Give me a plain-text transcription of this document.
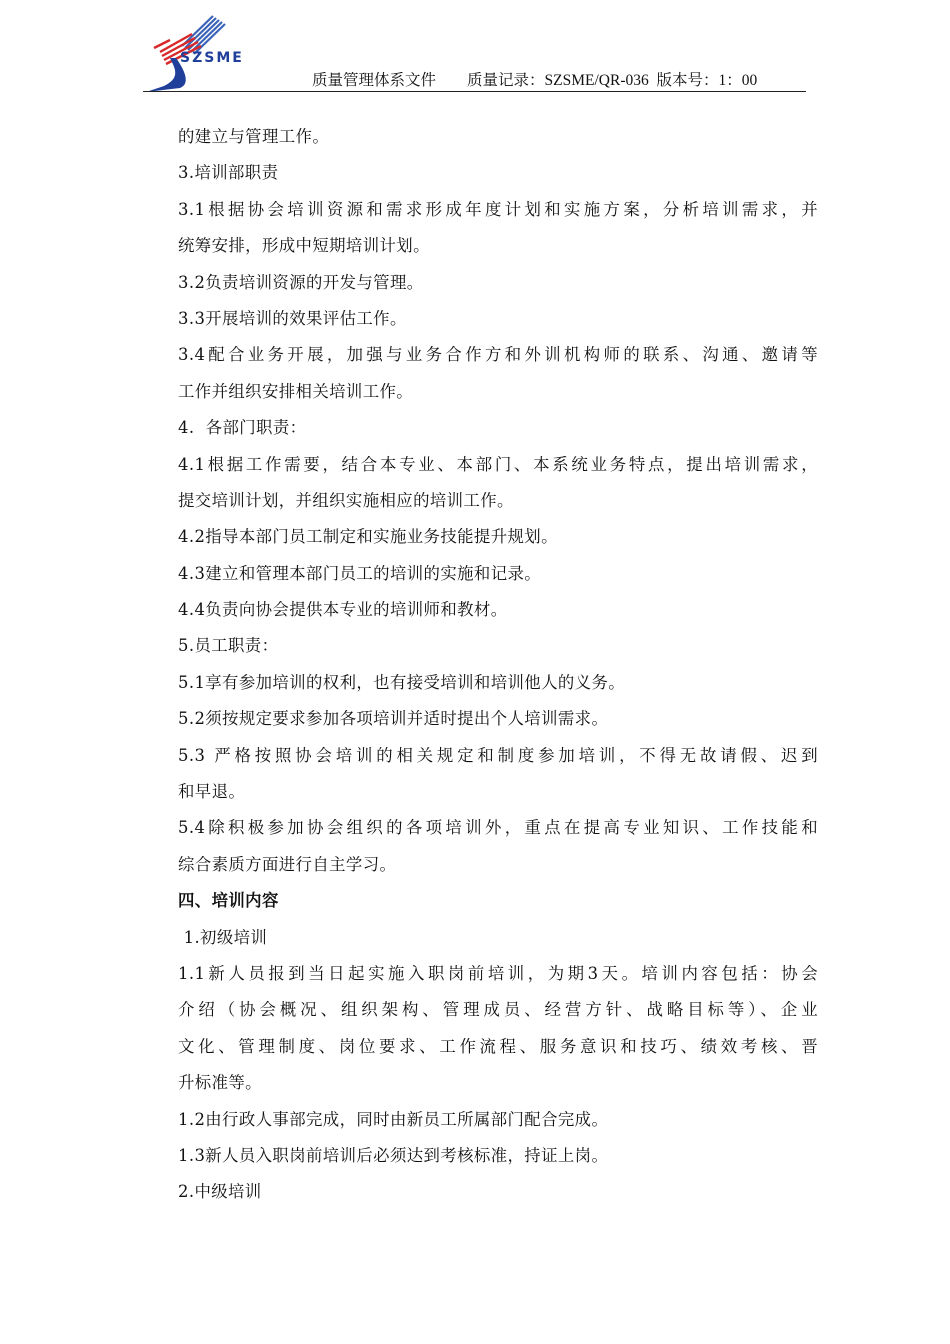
SZSME
质量管理体系文件 质量记录：SZSME/QR-036 版本号：1：00
的建立与管理工作。
3.培训部职责
3.1根据协会培训资源和需求形成年度计划和实施方案，分析培训需求，并
统筹安排，形成中短期培训计划。
3.2负责培训资源的开发与管理。
3.3开展培训的效果评估工作。
3.4配合业务开展，加强与业务合作方和外训机构师的联系、沟通、邀请等
工作并组织安排相关培训工作。
4.  各部门职责：
4.1根据工作需要，结合本专业、本部门、本系统业务特点，提出培训需求，
提交培训计划，并组织实施相应的培训工作。
4.2指导本部门员工制定和实施业务技能提升规划。
4.3建立和管理本部门员工的培训的实施和记录。
4.4负责向协会提供本专业的培训师和教材。
5.员工职责：
5.1享有参加培训的权利，也有接受培训和培训他人的义务。
5.2须按规定要求参加各项培训并适时提出个人培训需求。
5.3 严格按照协会培训的相关规定和制度参加培训，不得无故请假、迟到
和早退。
5.4除积极参加协会组织的各项培训外，重点在提高专业知识、工作技能和
综合素质方面进行自主学习。
四、培训内容
1.初级培训
1.1新人员报到当日起实施入职岗前培训，为期3天。培训内容包括：协会
介绍（协会概况、组织架构、管理成员、经营方针、战略目标等）、企业
文化、管理制度、岗位要求、工作流程、服务意识和技巧、绩效考核、晋
升标准等。
1.2由行政人事部完成，同时由新员工所属部门配合完成。
1.3新人员入职岗前培训后必须达到考核标准，持证上岗。
2.中级培训
